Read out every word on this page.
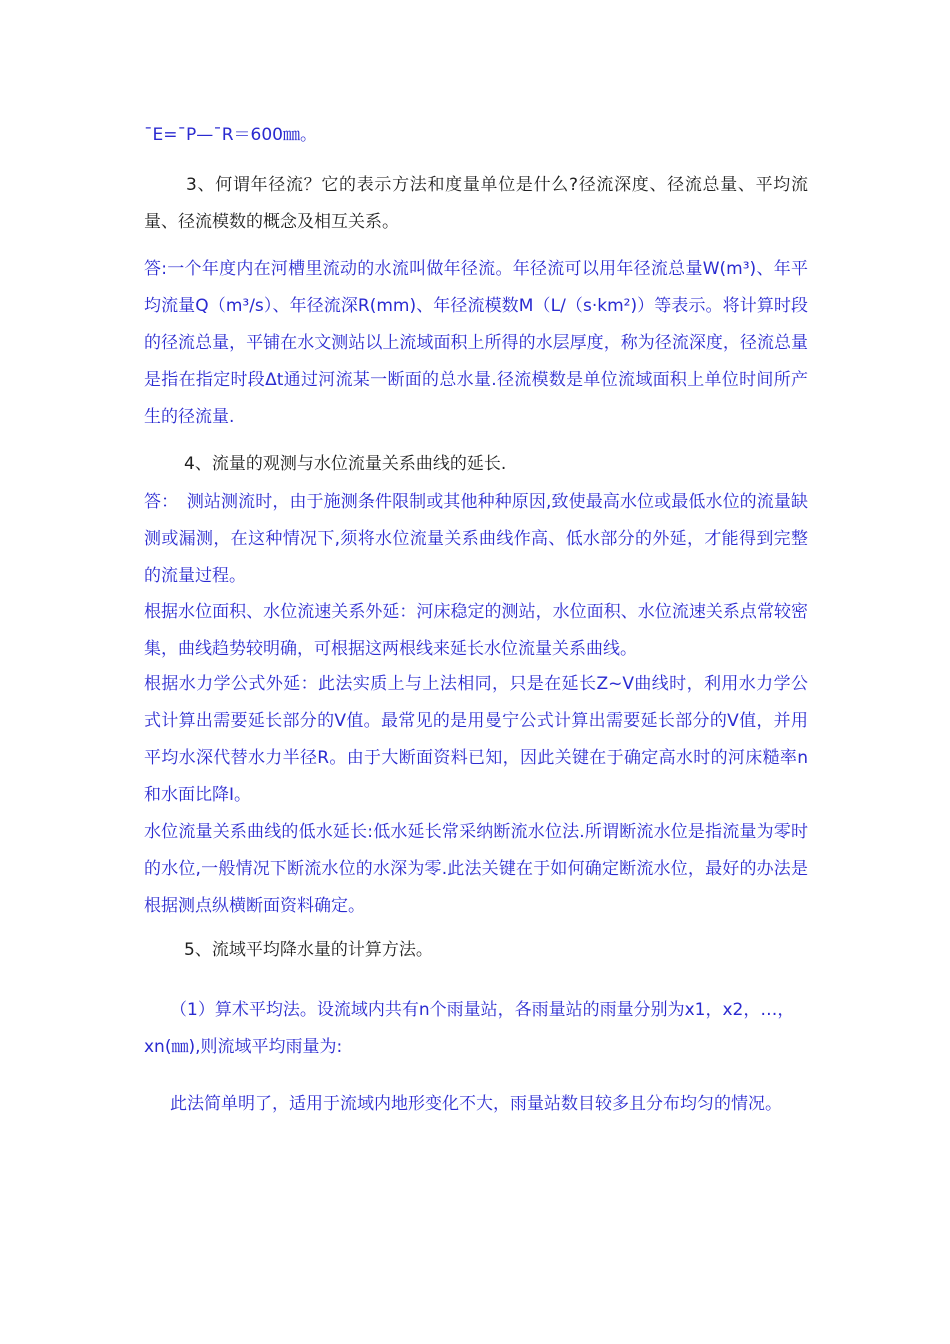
¯E=¯P—¯R＝600㎜。

3、何谓年径流？它的表示方法和度量单位是什么?径流深度、径流总量、平均流量、径流模数的概念及相互关系。

答:一个年度内在河槽里流动的水流叫做年径流。年径流可以用年径流总量W(m³)、年平均流量Q（m³/s）、年径流深R(mm)、年径流模数M（L/（s·km²)）等表示。将计算时段的径流总量，平铺在水文测站以上流域面积上所得的水层厚度，称为径流深度，径流总量是指在指定时段Δt通过河流某一断面的总水量.径流模数是单位流域面积上单位时间所产生的径流量.

4、流量的观测与水位流量关系曲线的延长.

答：　测站测流时，由于施测条件限制或其他种种原因,致使最高水位或最低水位的流量缺测或漏测，在这种情况下,须将水位流量关系曲线作高、低水部分的外延，才能得到完整的流量过程。

根据水位面积、水位流速关系外延：河床稳定的测站，水位面积、水位流速关系点常较密集，曲线趋势较明确，可根据这两根线来延长水位流量关系曲线。

根据水力学公式外延：此法实质上与上法相同，只是在延长Z~V曲线时，利用水力学公式计算出需要延长部分的V值。最常见的是用曼宁公式计算出需要延长部分的V值，并用平均水深代替水力半径R。由于大断面资料已知，因此关键在于确定高水时的河床糙率n和水面比降I。

水位流量关系曲线的低水延长:低水延长常采纳断流水位法.所谓断流水位是指流量为零时的水位,一般情况下断流水位的水深为零.此法关键在于如何确定断流水位，最好的办法是根据测点纵横断面资料确定。

5、流域平均降水量的计算方法。

（1）算术平均法。设流域内共有n个雨量站，各雨量站的雨量分别为x1，x2，…，xn(㎜),则流域平均雨量为:

此法简单明了，适用于流域内地形变化不大，雨量站数目较多且分布均匀的情况。
